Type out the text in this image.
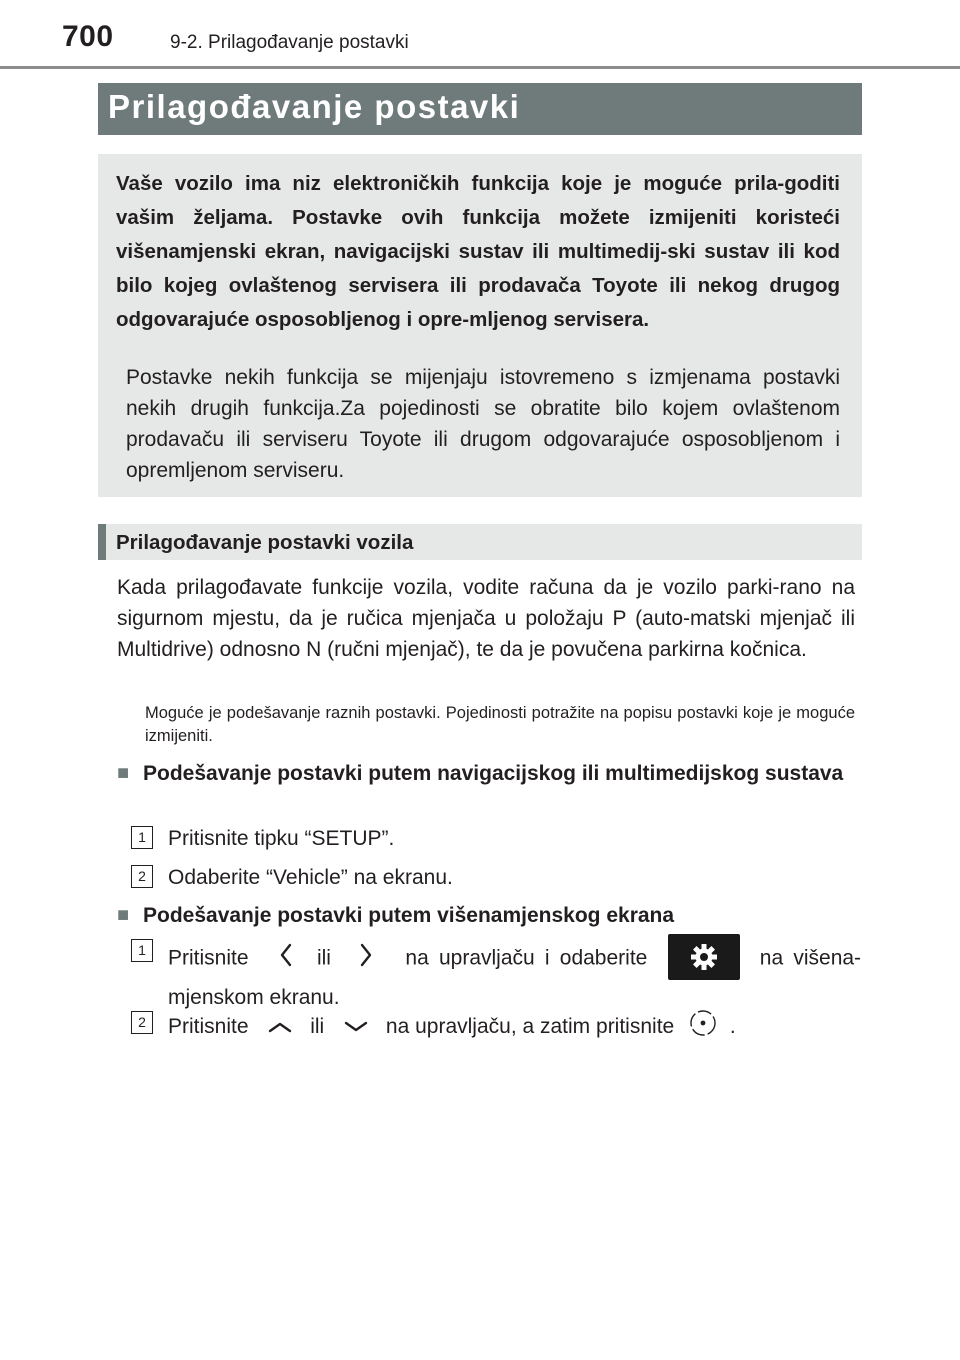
700	9-2. Prilagođavanje postavki
Prilagođavanje postavki
Vaše vozilo ima niz elektroničkih funkcija koje je moguće prila-goditi vašim željama. Postavke ovih funkcija možete izmijeniti koristeći višenamjenski ekran, navigacijski sustav ili multimedij-ski sustav ili kod bilo kojeg ovlaštenog servisera ili prodavača Toyote ili nekog drugog odgovarajuće osposobljenog i opre-mljenog servisera.
Postavke nekih funkcija se mijenjaju istovremeno s izmjenama postavki nekih drugih funkcija.Za pojedinosti se obratite bilo kojem ovlaštenom prodavaču ili serviseru Toyote ili drugom odgovarajuće osposobljenom i opremljenom serviseru.
Prilagođavanje postavki vozila
Kada prilagođavate funkcije vozila, vodite računa da je vozilo parki-rano na sigurnom mjestu, da je ručica mjenjača u položaju P (auto-matski mjenjač ili Multidrive) odnosno N (ručni mjenjač), te da je povučena parkirna kočnica.
Moguće je podešavanje raznih postavki. Pojedinosti potražite na popisu postavki koje je moguće izmijeniti.
■ Podešavanje postavki putem navigacijskog ili multimedijskog sustava
1	Pritisnite tipku “SETUP”.
2	Odaberite “Vehicle” na ekranu.
■ Podešavanje postavki putem višenamjenskog ekrana
1	Pritisnite	ili	na upravljaču i odaberite	na višena-mjenskom ekranu.
2	Pritisnite	ili	na upravljaču, a zatim pritisnite	.
